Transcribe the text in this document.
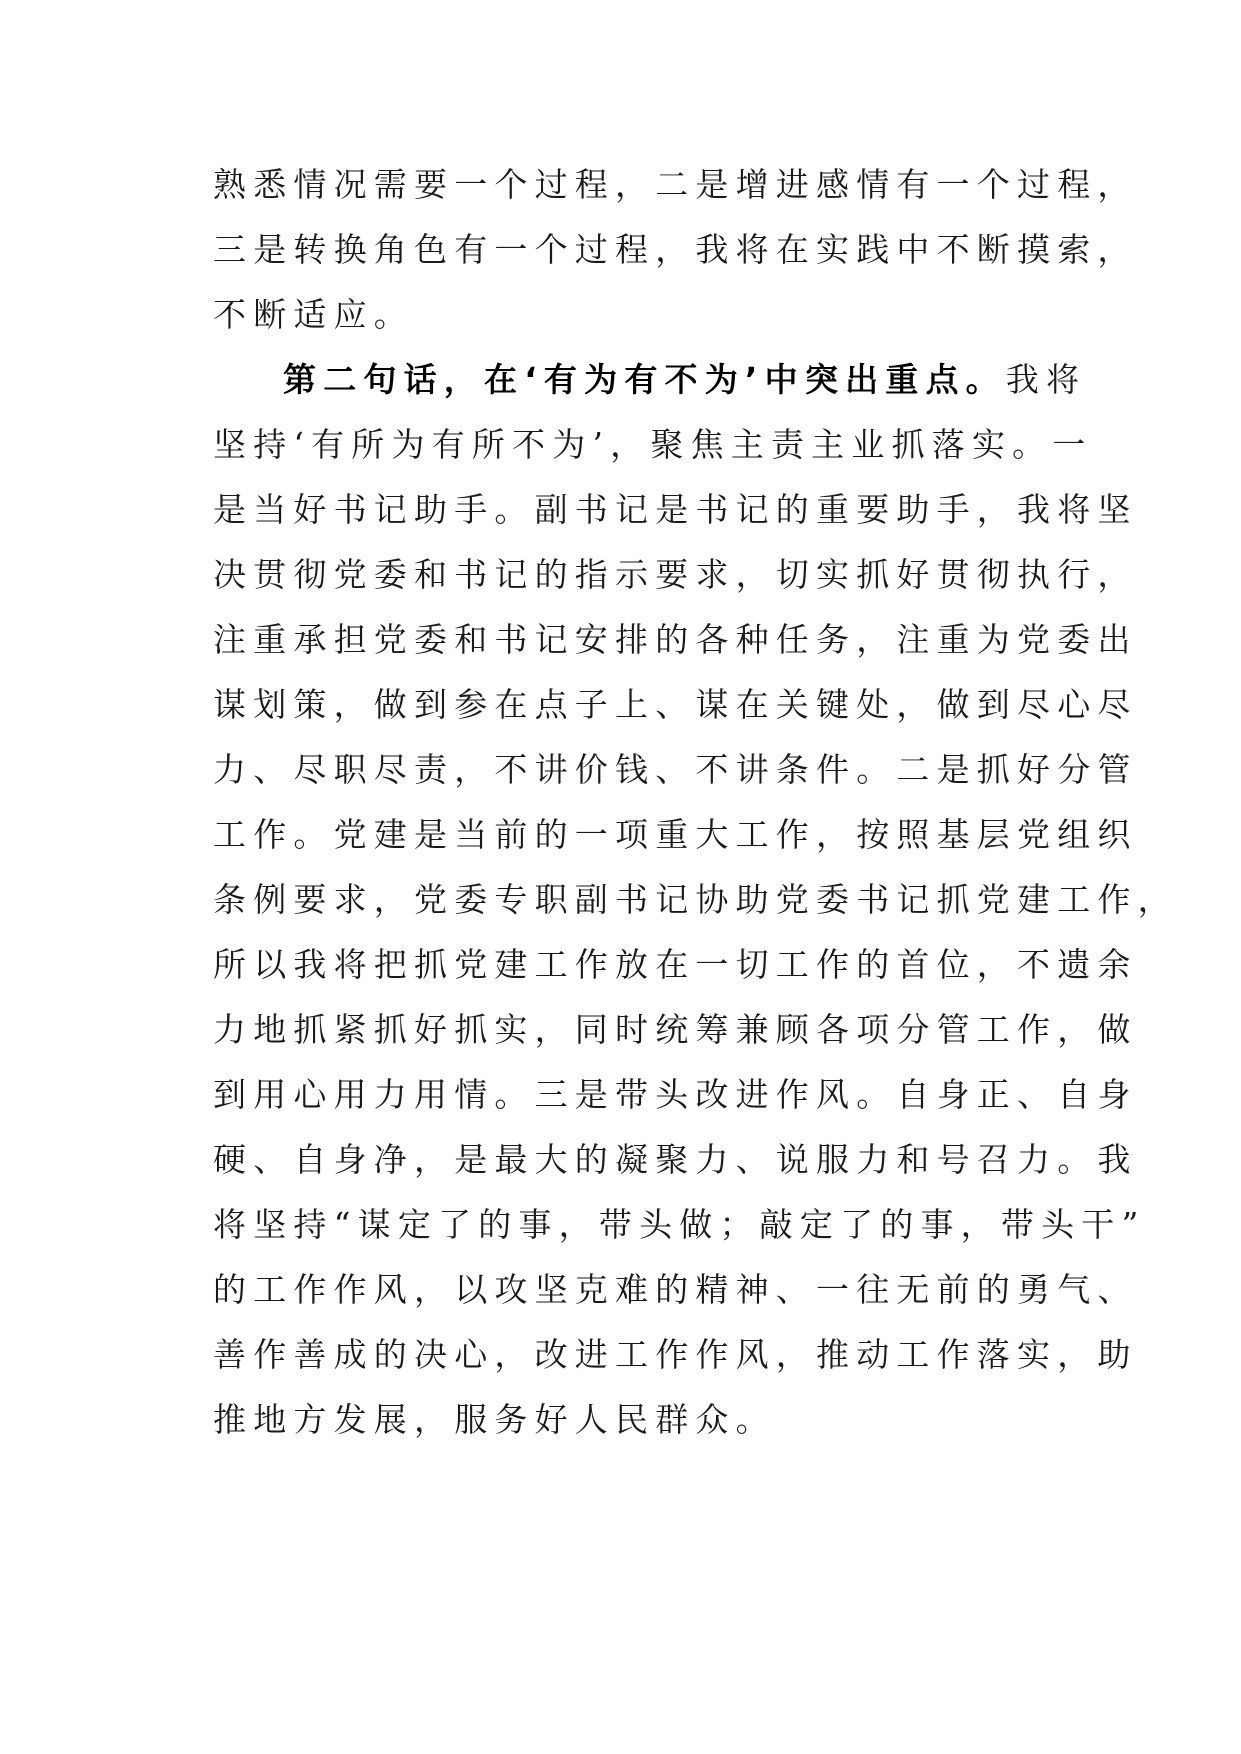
熟悉情况需要一个过程，二是增进感情有一个过程，
三是转换角色有一个过程，我将在实践中不断摸索，
不断适应。
第二句话，在‘有为有不为’中突出重点。我将
坚持‘有所为有所不为’，聚焦主责主业抓落实。一
是当好书记助手。副书记是书记的重要助手，我将坚
决贯彻党委和书记的指示要求，切实抓好贯彻执行，
注重承担党委和书记安排的各种任务，注重为党委出
谋划策，做到参在点子上、谋在关键处，做到尽心尽
力、尽职尽责，不讲价钱、不讲条件。二是抓好分管
工作。党建是当前的一项重大工作，按照基层党组织
条例要求，党委专职副书记协助党委书记抓党建工作，
所以我将把抓党建工作放在一切工作的首位，不遗余
力地抓紧抓好抓实，同时统筹兼顾各项分管工作，做
到用心用力用情。三是带头改进作风。自身正、自身
硬、自身净，是最大的凝聚力、说服力和号召力。我
将坚持“谋定了的事，带头做；敲定了的事，带头干”
的工作作风，以攻坚克难的精神、一往无前的勇气、
善作善成的决心，改进工作作风，推动工作落实，助
推地方发展，服务好人民群众。
